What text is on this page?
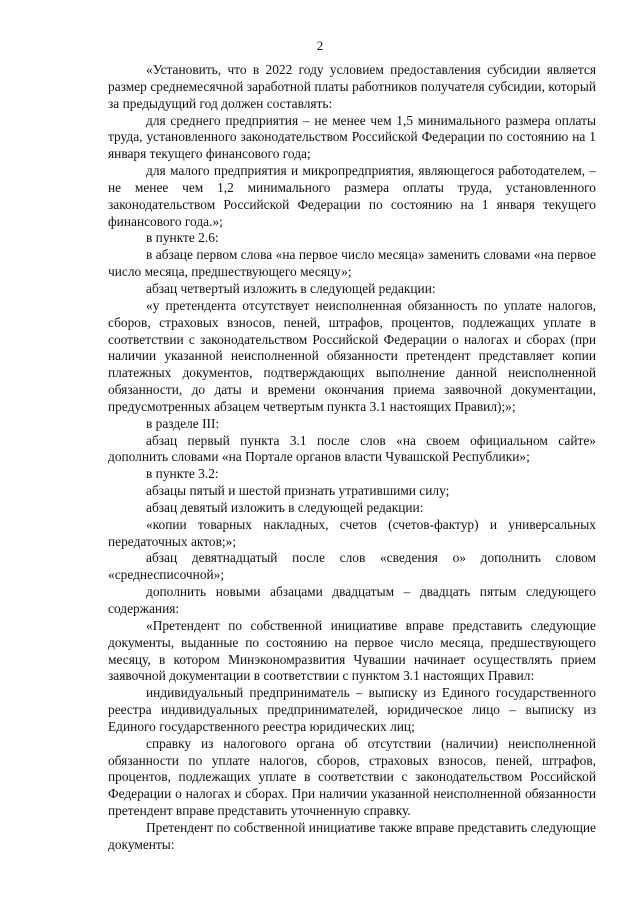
2

«Установить, что в 2022 году условием предоставления субсидии является размер среднемесячной заработной платы работников получателя субсидии, который за предыдущий год должен составлять:

для среднего предприятия – не менее чем 1,5 минимального размера оплаты труда, установленного законодательством Российской Федерации по состоянию на 1 января текущего финансового года;

для малого предприятия и микропредприятия, являющегося работодателем, – не менее чем 1,2 минимального размера оплаты труда, установленного законодательством Российской Федерации по состоянию на 1 января текущего финансового года.»;

в пункте 2.6:

в абзаце первом слова «на первое число месяца» заменить словами «на первое число месяца, предшествующего месяцу»;

абзац четвертый изложить в следующей редакции:

«у претендента отсутствует неисполненная обязанность по уплате налогов, сборов, страховых взносов, пеней, штрафов, процентов, подлежащих уплате в соответствии с законодательством Российской Федерации о налогах и сборах (при наличии указанной неисполненной обязанности претендент представляет копии платежных документов, подтверждающих выполнение данной неисполненной обязанности, до даты и времени окончания приема заявочной документации, предусмотренных абзацем четвертым пункта 3.1 настоящих Правил);»;

в разделе III:

абзац первый пункта 3.1 после слов «на своем официальном сайте» дополнить словами «на Портале органов власти Чувашской Республики»;

в пункте 3.2:

абзацы пятый и шестой признать утратившими силу;

абзац девятый изложить в следующей редакции:

«копии товарных накладных, счетов (счетов-фактур) и универсальных передаточных актов;»;

абзац девятнадцатый после слов «сведения о» дополнить словом «среднесписочной»;

дополнить новыми абзацами двадцатым – двадцать пятым следующего содержания:

«Претендент по собственной инициативе вправе представить следующие документы, выданные по состоянию на первое число месяца, предшествующего месяцу, в котором Минэкономразвития Чувашии начинает осуществлять прием заявочной документации в соответствии с пунктом 3.1 настоящих Правил:

индивидуальный предприниматель – выписку из Единого государственного реестра индивидуальных предпринимателей, юридическое лицо – выписку из Единого государственного реестра юридических лиц;

справку из налогового органа об отсутствии (наличии) неисполненной обязанности по уплате налогов, сборов, страховых взносов, пеней, штрафов, процентов, подлежащих уплате в соответствии с законодательством Российской Федерации о налогах и сборах. При наличии указанной неисполненной обязанности претендент вправе представить уточненную справку.

Претендент по собственной инициативе также вправе представить следующие документы:
